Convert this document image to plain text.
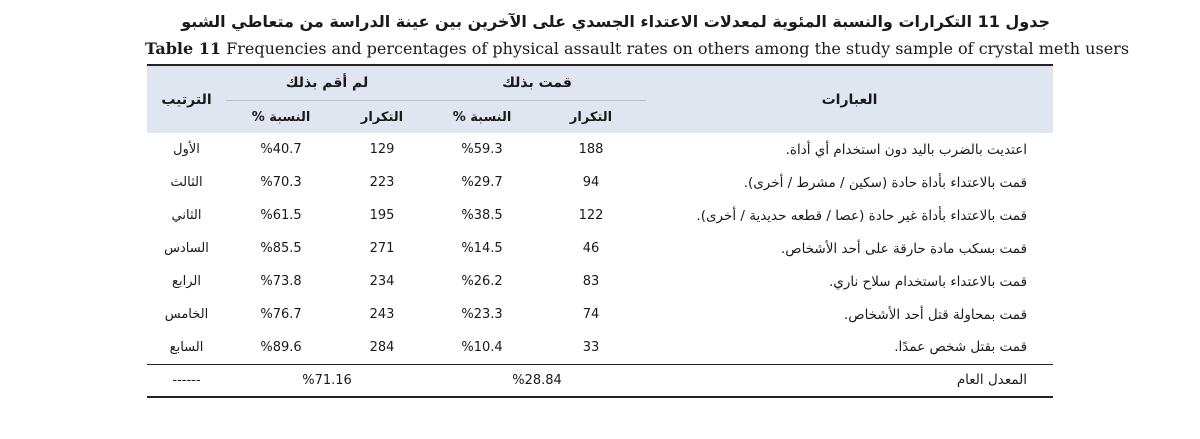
جدول 11 التكرارات والنسبة المئوية لمعدلات الاعتداء الجسدي على الآخرين بين عينة الدراسة من متعاطي الشبو
Table 11 Frequencies and percentages of physical assault rates on others among the study sample of crystal meth users
العبارات	قمت بذلك		لم أقم بذلك		الترتيب
	التكرار	النسبة %	التكرار	النسبة %	
اعتديت بالضرب باليد دون استخدام أي أداة.	188	%59.3	129	%40.7	الأول
قمت بالاعتداء بأداة حادة (سكين / مشرط / أخرى).	94	%29.7	223	%70.3	الثالث
قمت بالاعتداء بأداة غير حادة (عصا / قطعه حديدية / أخرى).	122	%38.5	195	%61.5	الثاني
قمت بسكب مادة حارقة على أحد الأشخاص.	46	%14.5	271	%85.5	السادس
قمت بالاعتداء باستخدام سلاح ناري.	83	%26.2	234	%73.8	الرابع
قمت بمحاولة قتل أحد الأشخاص.	74	%23.3	243	%76.7	الخامس
قمت بقتل شخص عمدًا.	33	%10.4	284	%89.6	السابع
المعدل العام	%28.84		%71.16		------
